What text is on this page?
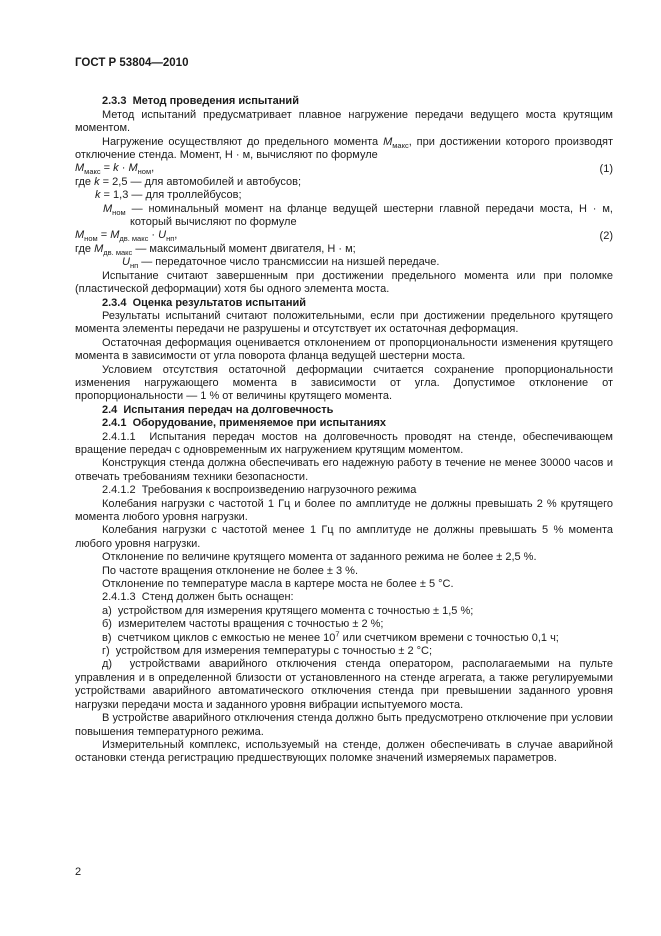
ГОСТ Р 53804—2010

2.3.3  Метод проведения испытаний

Метод испытаний предусматривает плавное нагружение передачи ведущего моста крутящим моментом.

Нагружение осуществляют до предельного момента $M_{макс}$, при достижении которого производят отключение стенда. Момент, Н · м, вычисляют по формуле

$M_{макс} = k \cdot M_{ном}$,	(1)

где k = 2,5 — для автомобилей и автобусов;

k = 1,3 — для троллейбусов;

$M_{ном}$ — номинальный момент на фланце ведущей шестерни главной передачи моста, Н · м, который вычисляют по формуле

$M_{ном} = M_{дв. макс} \cdot U_{нп}$,	(2)

где $M_{дв. макс}$ — максимальный момент двигателя, Н · м;

$U_{нп}$ — передаточное число трансмиссии на низшей передаче.

Испытание считают завершенным при достижении предельного момента или при поломке (пластической деформации) хотя бы одного элемента моста.

2.3.4  Оценка результатов испытаний

Результаты испытаний считают положительными, если при достижении предельного крутящего момента элементы передачи не разрушены и отсутствует их остаточная деформация.

Остаточная деформация оценивается отклонением от пропорциональности изменения крутящего момента в зависимости от угла поворота фланца ведущей шестерни моста.

Условием отсутствия остаточной деформации считается сохранение пропорциональности изменения нагружающего момента в зависимости от угла. Допустимое отклонение от пропорциональности — 1 % от величины крутящего момента.

2.4  Испытания передач на долговечность

2.4.1  Оборудование, применяемое при испытаниях

2.4.1.1  Испытания передач мостов на долговечность проводят на стенде, обеспечивающем вращение передач с одновременным их нагружением крутящим моментом.

Конструкция стенда должна обеспечивать его надежную работу в течение не менее 30000 часов и отвечать требованиям техники безопасности.

2.4.1.2  Требования к воспроизведению нагрузочного режима

Колебания нагрузки с частотой 1 Гц и более по амплитуде не должны превышать 2 % крутящего момента любого уровня нагрузки.

Колебания нагрузки с частотой менее 1 Гц по амплитуде не должны превышать 5 % момента любого уровня нагрузки.

Отклонение по величине крутящего момента от заданного режима не более ± 2,5 %.

По частоте вращения отклонение не более ± 3 %.

Отклонение по температуре масла в картере моста не более ± 5 °С.

2.4.1.3  Стенд должен быть оснащен:

а)  устройством для измерения крутящего момента с точностью ± 1,5 %;

б)  измерителем частоты вращения с точностью ± 2 %;

в)  счетчиком циклов с емкостью не менее $10^7$ или счетчиком времени с точностью 0,1 ч;

г)  устройством для измерения температуры с точностью ± 2 °С;

д)  устройствами аварийного отключения стенда оператором, располагаемыми на пульте управления и в определенной близости от установленного на стенде агрегата, а также регулируемыми устройствами аварийного автоматического отключения стенда при превышении заданного уровня нагрузки передачи моста и заданного уровня вибрации испытуемого моста.

В устройстве аварийного отключения стенда должно быть предусмотрено отключение при условии повышения температурного режима.

Измерительный комплекс, используемый на стенде, должен обеспечивать в случае аварийной остановки стенда регистрацию предшествующих поломке значений измеряемых параметров.

2
